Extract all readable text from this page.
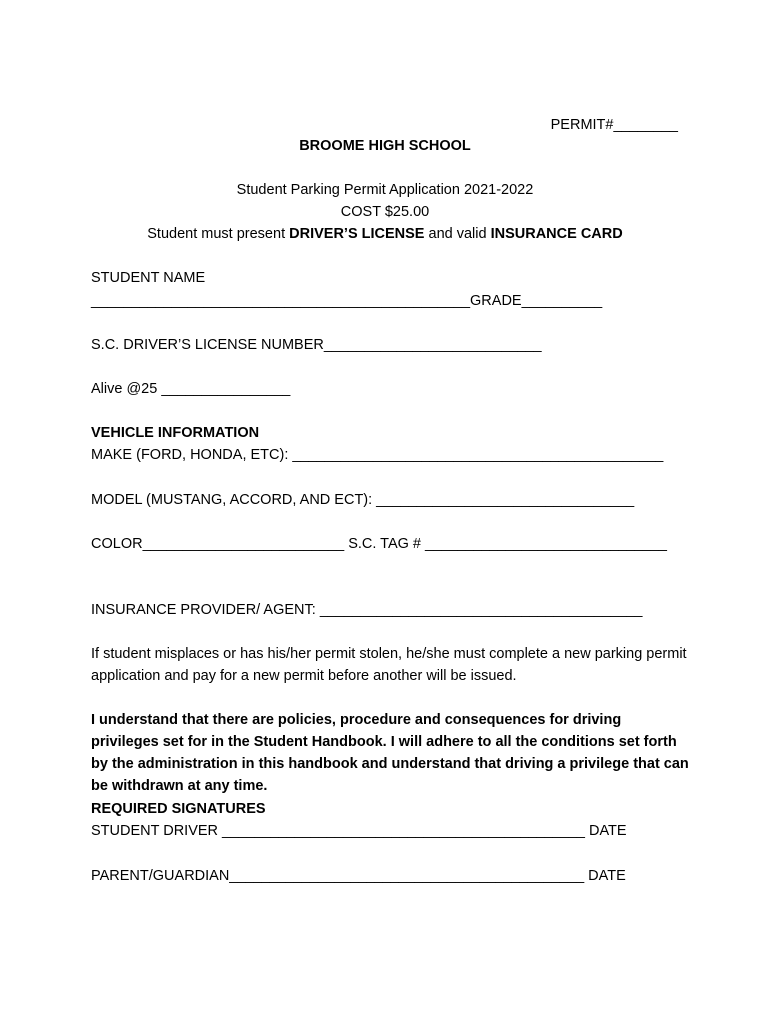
PERMIT#________
BROOME HIGH SCHOOL
Student Parking Permit Application 2021-2022
COST $25.00
Student must present DRIVER’S LICENSE and valid INSURANCE CARD
STUDENT NAME
_______________________________________________GRADE__________
S.C. DRIVER’S LICENSE NUMBER___________________________
Alive @25 ________________
VEHICLE INFORMATION
MAKE (FORD, HONDA, ETC): ______________________________________________
MODEL (MUSTANG, ACCORD, AND ECT): ________________________________
COLOR_________________________ S.C. TAG # ______________________________
INSURANCE PROVIDER/ AGENT: ________________________________________
If student misplaces or has his/her permit stolen, he/she must complete a new parking permit application and pay for a new permit before another will be issued.
I understand that there are policies, procedure and consequences for driving privileges set for in the Student Handbook. I will adhere to all the conditions set forth by the administration in this handbook and understand that driving a privilege that can be withdrawn at any time.
REQUIRED SIGNATURES
STUDENT DRIVER _____________________________________________ DATE
PARENT/GUARDIAN____________________________________________ DATE
